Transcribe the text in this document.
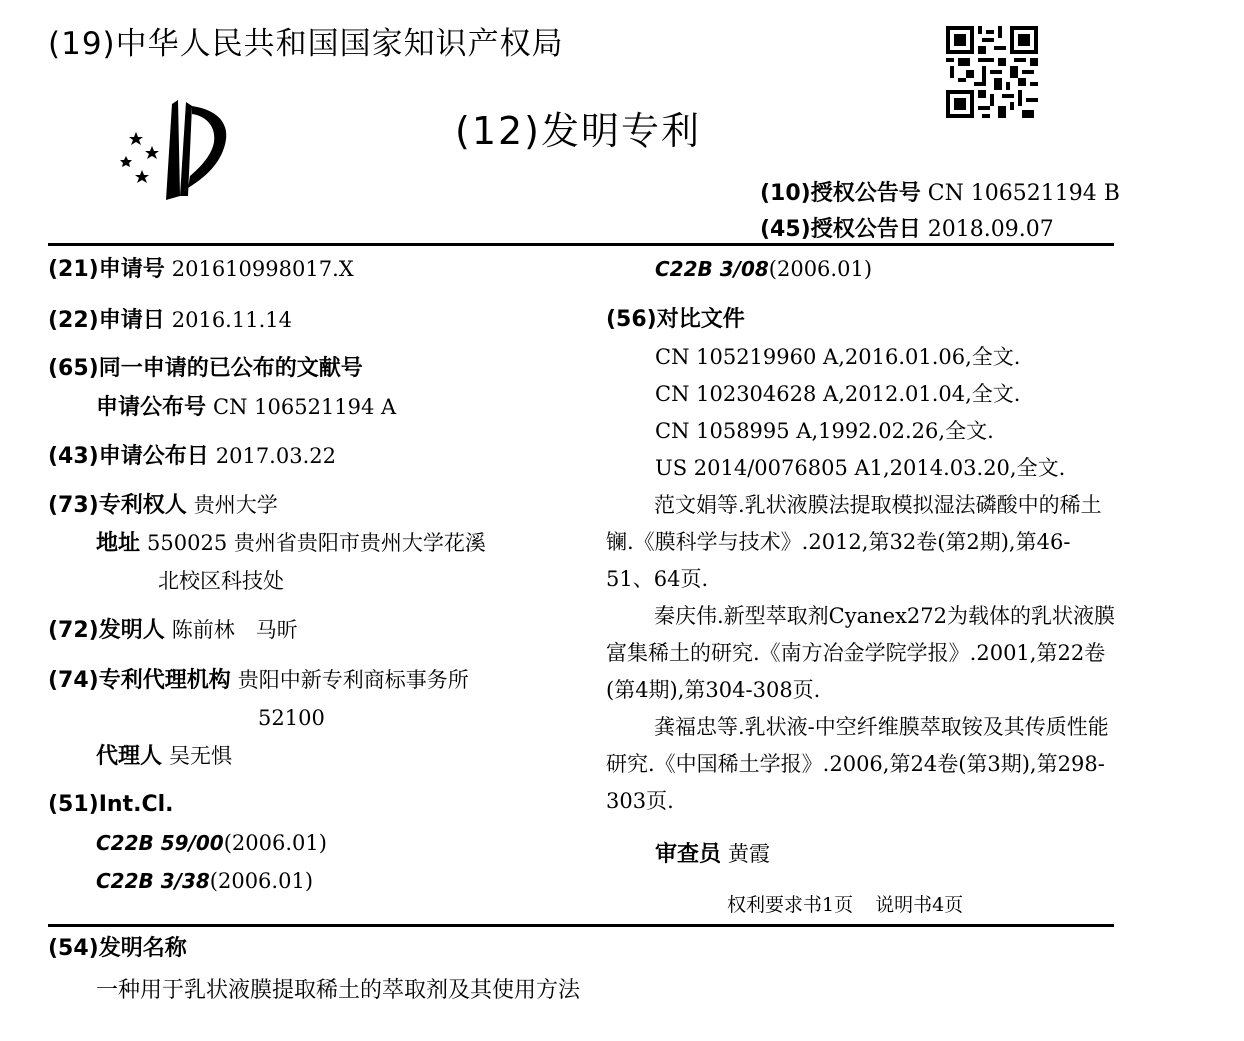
(19)中华人民共和国国家知识产权局
(12)发明专利
(10)授权公告号 CN 106521194 B
(45)授权公告日 2018.09.07
(21)申请号 201610998017.X
(22)申请日 2016.11.14
(65)同一申请的已公布的文献号
申请公布号 CN 106521194 A
(43)申请公布日 2017.03.22
(73)专利权人 贵州大学
地址 550025 贵州省贵阳市贵州大学花溪
北校区科技处
(72)发明人 陈前林　马昕
(74)专利代理机构 贵阳中新专利商标事务所
52100
代理人 吴无惧
(51)Int.Cl.
C22B 59/00(2006.01)
C22B 3/38(2006.01)
C22B 3/08(2006.01)
(56)对比文件
CN 105219960 A,2016.01.06,全文.
CN 102304628 A,2012.01.04,全文.
CN 1058995 A,1992.02.26,全文.
US 2014/0076805 A1,2014.03.20,全文.
范文娟等.乳状液膜法提取模拟湿法磷酸中的稀土镧.《膜科学与技术》.2012,第32卷(第2期),第46-51、64页.
秦庆伟.新型萃取剂Cyanex272为载体的乳状液膜富集稀土的研究.《南方冶金学院学报》.2001,第22卷(第4期),第304-308页.
龚福忠等.乳状液-中空纤维膜萃取铵及其传质性能研究.《中国稀土学报》.2006,第24卷(第3期),第298-303页.
审查员 黄霞
权利要求书1页 说明书4页
(54)发明名称
一种用于乳状液膜提取稀土的萃取剂及其使用方法
